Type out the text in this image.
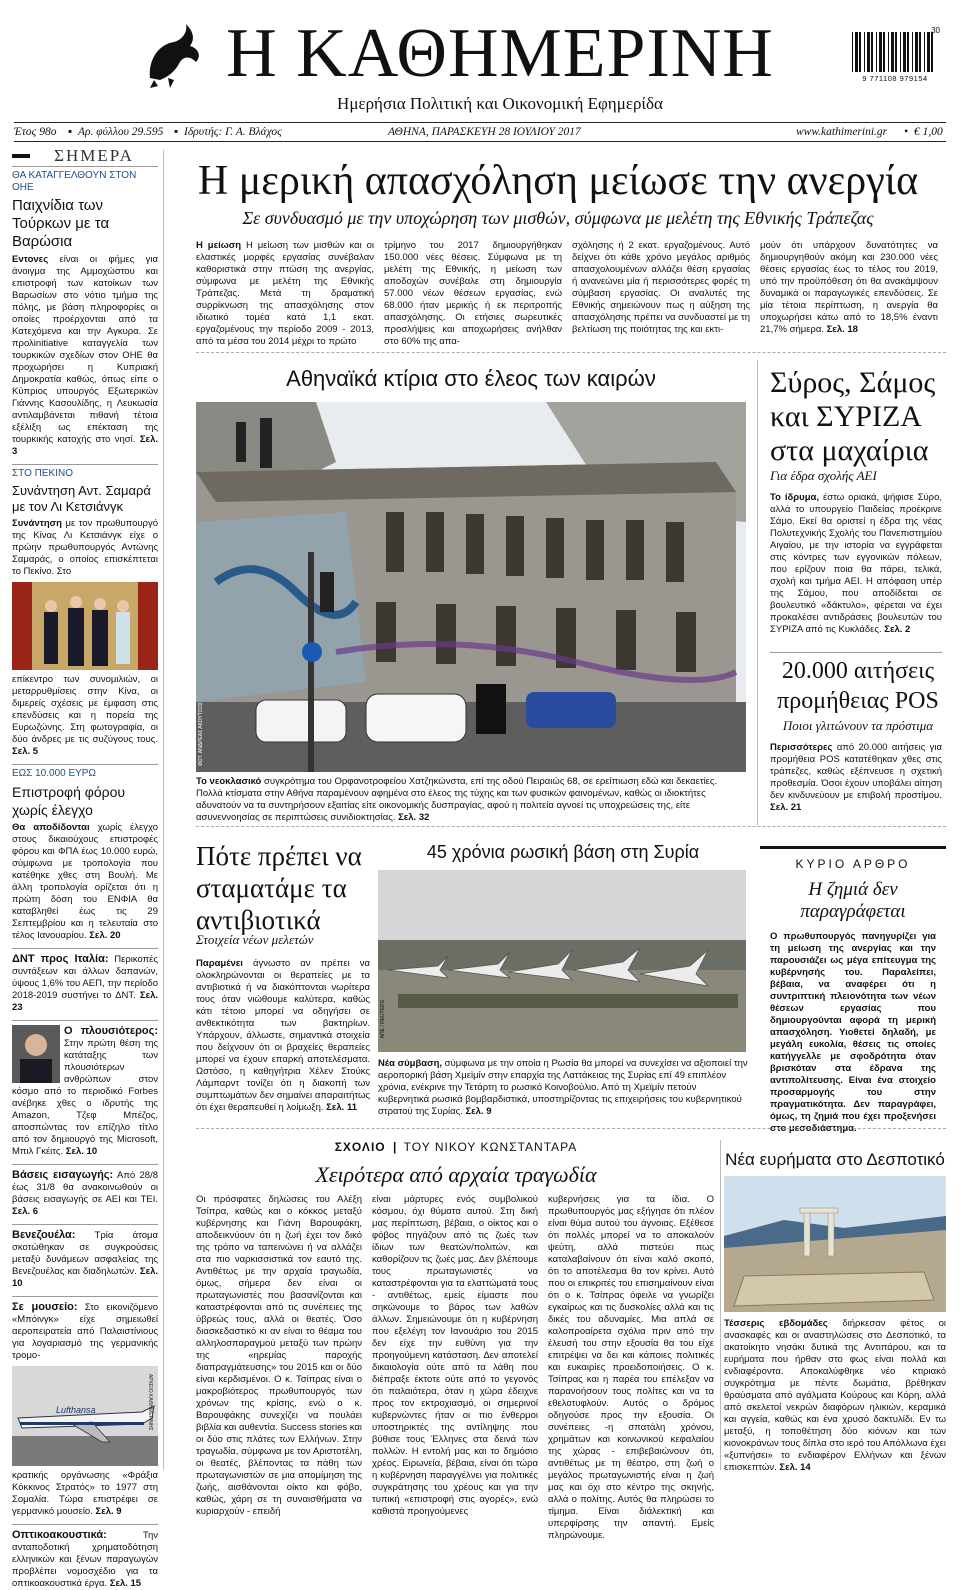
Η ΚΑΘΗΜΕΡΙΝΗ
Ημερήσια Πολιτική και Οικονομική Εφημερίδα
30
9 771108 979154
Έτος 98ο ▪ Αρ. φύλλου 29.595 ▪ Ιδρυτής: Γ. Α. Βλάχος	ΑΘΗΝΑ, ΠΑΡΑΣΚΕΥΗ 28 ΙΟΥΛΙΟΥ 2017	www.kathimerini.gr • € 1,00
ΣΗΜΕΡΑ
ΘΑ ΚΑΤΑΓΓΕΛΘΟΥΝ ΣΤΟΝ ΟΗΕ
Παιχνίδια των Τούρκων με τα Βαρώσια
Εντονες είναι οι φήμες για άνοιγμα της Αμμοχώστου και επιστροφή των κατοίκων των Βαρωσίων στο νότιο τμήμα της πόλης, με βάση πληροφορίες οι οποίες προέρχονται από τα Κατεχόμενα και την Αγκυρα. Σε προλinitiative καταγγελία των τουρκικών σχεδίων στον ΟΗΕ θα προχωρήσει η Κυπριακή Δημοκρατία καθώς, όπως είπε ο Κύπριος υπουργός Εξωτερικών Γιάννης Κασουλίδης, η Λευκωσία αντιλαμβάνεται πιθανή τέτοια εξέλιξη ως επέκταση της τουρκικής κατοχής στο νησί. Σελ. 3
ΣΤΟ ΠΕΚΙΝΟ
Συνάντηση Αντ. Σαμαρά με τον Λι Κετσιάνγκ
Συνάντηση με τον πρωθυπουργό της Κίνας Λι Κετσιάνγκ είχε ο πρώην πρωθυπουργός Αντώνης Σαμαράς, ο οποίος επισκέπτεται το Πεκίνο. Στο
επίκεντρο των συνομιλιών, οι μεταρρυθμίσεις στην Κίνα, οι διμερείς σχέσεις με έμφαση στις επενδύσεις και η πορεία της Ευρωζώνης. Στη φωτογραφία, οι δύο άνδρες με τις συζύγους τους. Σελ. 5
ΕΩΣ 10.000 ΕΥΡΩ
Επιστροφή φόρου χωρίς έλεγχο
Θα αποδίδονται χωρίς έλεγχο στους δικαιούχους επιστροφές φόρου και ΦΠΑ έως 10.000 ευρώ, σύμφωνα με τροπολογία που κατέθηκε χθες στη Βουλή. Με άλλη τροπολογία ορίζεται ότι η πρώτη δόση του ΕΝΦΙΑ θα καταβληθεί έως τις 29 Σεπτεμβρίου και η τελευταία στο τέλος Ιανουαρίου. Σελ. 20
ΔΝΤ προς Ιταλία: Περικοπές συντάξεων και άλλων δαπανών, ύψους 1,6% του ΑΕΠ, την περίοδο 2018-2019 συστήνει το ΔΝΤ. Σελ. 23
Ο πλουσιότερος: Στην πρώτη θέση της κατάταξης των πλουσιότερων ανθρώπων στον κόσμο από το περιοδικό Forbes ανέβηκε χθες ο ιδρυτής της Amazon, Τζεφ Μπέζος, αποσπώντας τον επίζηλο τίτλο από τον δημιουργό της Microsoft, Μπιλ Γκέιτς. Σελ. 10
Βάσεις εισαγωγής: Από 28/8 έως 31/8 θα ανακοινωθούν οι βάσεις εισαγωγής σε ΑΕΙ και ΤΕΙ. Σελ. 6
Βενεζουέλα: Τρία άτομα σκοτώθηκαν σε συγκρούσεις μεταξύ δυνάμεων ασφαλείας της Βενεζουέλας και διαδηλωτών. Σελ. 10
Σε μουσείο: Στο εικονιζόμενο «Μπόινγκ» είχε σημειωθεί αεροπειρατεία από Παλαιστίνιους για λογαριασμό της γερμανικής τρομο-
Lufthansa	ΑΡΧΕΙΟ ΚΑΘΗΜΕΡΙΝΗΣ
κρατικής οργάνωσης «Φράξια Κόκκινος Στρατός» το 1977 στη Σομαλία. Τώρα επιστρέφει σε γερμανικό μουσείο. Σελ. 9
Οπτικοακουστικά: Την ανταποδοτική χρηματοδότηση ελληνικών και ξένων παραγωγών προβλέπει νομοσχέδιο για τα οπτικοακουστικά έργα. Σελ. 15
Η μερική απασχόληση μείωσε την ανεργία
Σε συνδυασμό με την υποχώρηση των μισθών, σύμφωνα με μελέτη της Εθνικής Τράπεζας
Η μείωση Η μείωση των μισθών και οι ελαστικές μορφές εργασίας συνέβαλαν καθοριστικά στην πτώση της ανεργίας, σύμφωνα με μελέτη της Εθνικής Τράπεζας. Μετά τη δραματική συρρίκνωση της απασχόλησης στον ιδιωτικό τομέα κατά 1,1 εκατ. εργαζομένους την περίοδο 2009 - 2013, από τα μέσα του 2014 μέχρι το πρώτο
τρίμηνο του 2017 δημιουργήθηκαν 150.000 νέες θέσεις. Σύμφωνα με τη μελέτη της Εθνικής, η μείωση των αποδοχών συνέβαλε στη δημιουργία 57.000 νέων θέσεων εργασίας, ενώ 68.000 ήταν μερικής ή εκ περιτροπής απασχόλησης. Οι ετήσιες σωρευτικές προσλήψεις και αποχωρήσεις ανήλθαν στο 60% της απα-
σχόλησης ή 2 εκατ. εργαζομένους. Αυτό δείχνει ότι κάθε χρόνο μεγάλος αριθμός απασχολουμένων αλλάζει θέση εργασίας ή ανανεώνει μία ή περισσότερες φορές τη σύμβαση εργασίας. Οι αναλυτές της Εθνικής σημειώνουν πως η αύξηση της απασχόλησης πρέπει να συνδυαστεί με τη βελτίωση της ποιότητας της και εκτι-
μούν ότι υπάρχουν δυνατότητες να δημιουργηθούν ακόμη και 230.000 νέες θέσεις εργασίας έως το τέλος του 2019, υπό την προϋπόθεση ότι θα ανακάμψουν δυναμικά οι παραγωγικές επενδύσεις. Σε μία τέτοια περίπτωση, η ανεργία θα υποχωρήσει κάτω από το 18,5% έναντι 21,7% σήμερα. Σελ. 18
Αθηναϊκά κτίρια στο έλεος των καιρών
ΦΩΤ. ΑΝΔΡΕΑΣ ΑΚΟΥΤΣΟΣ
Το νεοκλασικό συγκρότημα του Ορφανοτροφείου Χατζηκώνστα, επί της οδού Πειραιώς 68, σε ερείπιωση εδώ και δεκαετίες. Πολλά κτίσματα στην Αθήνα παραμένουν αφημένα στο έλεος της τύχης και των φυσικών φαινομένων, καθώς οι ιδιοκτήτες αδυνατούν να τα συντηρήσουν εξαιτίας είτε οικονομικής δυσπραγίας, αφού η πολιτεία αγνοεί τις υποχρεώσεις της, είτε ασυνεννοησίας σε περιπτώσεις συνιδιοκτησίας. Σελ. 32
Σύρος, Σάμος και ΣΥΡΙΖΑ στα μαχαίρια
Για έδρα σχολής ΑΕΙ
Το ίδρυμα, έστω οριακά, ψήφισε Σύρο, αλλά το υπουργείο Παιδείας προέκρινε Σάμο. Εκεί θα οριστεί η έδρα της νέας Πολυτεχνικής Σχολής του Πανεπιστημίου Αιγαίου, με την ιστορία να εγγράφεται στις κόντρες των εγγονικών πόλεων, που ερίζουν ποια θα πάρει, τελικά, σχολή και τμήμα ΑΕΙ. Η απόφαση υπέρ της Σάμου, που αποδίδεται σε βουλευτικό «δάκτυλο», φέρεται να έχει προκαλέσει αντιδράσεις βουλευτών του ΣΥΡΙΖΑ από τις Κυκλάδες. Σελ. 2
20.000 αιτήσεις προμήθειας POS
Ποιοι γλιτώνουν τα πρόστιμα
Περισσότερες από 20.000 αιτήσεις για προμήθεια POS κατατέθηκαν χθες στις τράπεζες, καθώς εξέπνευσε η σχετική προθεσμία. Όσοι έχουν υποβάλει αίτηση δεν κινδυνεύουν με επιβολή προστίμου. Σελ. 21
Πότε πρέπει να σταματάμε τα αντιβιοτικά
Στοιχεία νέων μελετών
Παραμένει άγνωστο αν πρέπει να ολοκληρώνονται οι θεραπείες με τα αντιβιοτικά ή να διακόπτονται νωρίτερα τους όταν νιώθουμε καλύτερα, καθώς κάτι τέτοιο μπορεί να οδηγήσει σε ανθεκτικότητα των βακτηρίων. Υπάρχουν, άλλωστε, σημαντικά στοιχεία που δείχνουν ότι οι βραχείες θεραπείες μπορεί να έχουν επαρκή αποτελέσματα. Ωστόσο, η καθηγήτρια Χέλεν Στούκς Λάμπαρντ τονίζει ότι η διακοπή των συμπτωμάτων δεν σημαίνει απαραιτήτως ότι έχει θεραπευθεί η λοίμωξη. Σελ. 11
45 χρόνια ρωσική βάση στη Συρία
ΑΠΕ / REUTERS
Νέα σύμβαση, σύμφωνα με την οποία η Ρωσία θα μπορεί να συνεχίσει να αξιοποιεί την αεροπορική βάση Χμεϊμίν στην επαρχία της Λαττάκειας της Συρίας επί 49 επιπλέον χρόνια, ενέκρινε την Τετάρτη το ρωσικό Κοινοβούλιο. Από τη Χμεϊμίν πετούν κυβερνητικά ρωσικά βομβαρδιστικά, υποστηρίζοντας τις επιχειρήσεις του κυβερνητικού στρατού της Συρίας. Σελ. 9
ΚΥΡΙΟ ΑΡΘΡΟ
Η ζημιά δεν παραγράφεται
Ο πρωθυπουργός πανηγυρίζει για τη μείωση της ανεργίας και την παρουσιάζει ως μέγα επίτευγμα της κυβέρνησής του. Παραλείπει, βέβαια, να αναφέρει ότι η συντριπτική πλειονότητα των νέων θέσεων εργασίας που δημιουργούνται αφορά τη μερική απασχόληση. Υιοθετεί δηλαδή, με μεγάλη ευκολία, θέσεις τις οποίες κατήγγελλε με σφοδρότητα όταν βρισκόταν στα έδρανα της αντιπολίτευσης. Είναι ένα στοιχείο προσαρμογής του στην πραγματικότητα. Δεν παραγράφει, όμως, τη ζημιά που έχει προξενήσει στο μεσοδιάστημα.
ΣΧΟΛΙΟ | ΤΟΥ ΝΙΚΟΥ ΚΩΝΣΤΑΝΤΑΡΑ
Χειρότερα από αρχαία τραγωδία
Οι πρόσφατες δηλώσεις του Αλέξη Τσίπρα, καθώς και ο κόκκος μεταξύ κυβέρνησης και Γιάνη Βαρουφάκη, αποδεικνύουν ότι η ζωή έχει τον δικό της τρόπο να ταπεινώνει ή να αλλάζει στα πιο ναρκισσιστικά τον εαυτό της. Αντιθέτως με την αρχαία τραγωδία, όμως, σήμερα δεν είναι οι πρωταγωνιστές που βασανίζονται και καταστρέφονται από τις συνέπειες της ύβρεώς τους, αλλά οι θεατές. Όσο διασκεδαστικό κι αν είναι το θέαμα του αλληλοσπαραγμού μεταξύ των πρώην της «ηρεμίας παροχής διαπραγμάτευσης» του 2015 και οι δύο είναι κερδισμένοι. Ο κ. Τσίπρας είναι ο μακροβιότερος πρωθυπουργός των χρόνων της κρίσης, ενώ ο κ. Βαρουφάκης συνεχίζει να πουλάει βιβλία και αυθεντία. Success stories και οι δύο στις πλάτες των Ελλήνων. Στην τραγωδία, σύμφωνα με τον Αριστοτέλη, οι θεατές, βλέποντας τα πάθη των πρωταγωνιστών σε μια απομίμηση της ζωής, αισθάνονται οίκτο και φόβο, καθώς, χάρη σε τη συναισθήματα να κυριαρχούν - επειδή
είναι μάρτυρες ενός συμβολικού κόσμου, όχι θύματα αυτού. Στη δική μας περίπτωση, βέβαια, ο οίκτος και ο φόβος πηγάζουν από τις ζωές των ίδιων των θεατών/πολιτών, και καθορίζουν τις ζωές μας. Δεν βλέπουμε τους πρωταγωνιστές να καταστρέφονται για τα ελαττώματά τους - αντιθέτως, εμείς είμαστε που σηκώνουμε το βάρος των λαθών άλλων. Σημειώνουμε ότι η κυβέρνηση που εξελέγη τον Ιανουάριο του 2015 δεν είχε την ευθύνη για την προηγούμενη κατάσταση. Δεν αποτελεί δικαιολογία ούτε από τα λάθη που διέπραξε έκτοτε ούτε από το γεγονός ότι παλαιότερα, όταν η χώρα έδειχνε προς τον εκτροχιασμό, οι σημερινοί κυβερνώντες ήταν οι πιο ένθερμοι υποστηρικτές της αντίληψης που βύθισε τους Έλληνες στα δεινά των πολλών. Η εντολή μας και το δημόσιο χρέος. Ειρωνεία, βέβαια, είναι ότι τώρα η κυβέρνηση παραγγέλνει για πολιτικές συγκράτησης του χρέους και για την τυπική «επιστροφή στις αγορές», ενώ καθιστά προηγούμενες
κυβερνήσεις για τα ίδια. Ο πρωθυπουργός μας εξήγησε ότι πλέον είναι θύμα αυτού του άγνοιας. Εξέθεσε ότι πολλές μπορεί να το αποκαλούν ψεύτη, αλλά πιστεύει πως καταλαβαίνουν ότι είναι καλό σκοπό, ότι το αποτέλεσμα θα τον κρίνει. Αυτό που οι επικριτές του επισημαίνουν είναι ότι ο κ. Τσίπρας όφειλε να γνωρίζει εγκαίρως και τις δυσκολίες αλλά και τις δικές του αδυναμίες. Μια απλά σε καλοπροαίρετα σχόλια πριν από την έλευσή του στην εξουσία θα του είχε επιτρέψει να δει και κάποιες πολιτικές και ευκαιρίες προειδοποιήσεις. Ο κ. Τσίπρας και η παρέα του επέλεξαν να παρανοήσουν τους πολίτες και να τα εθελοτυφλούν. Αυτός ο δρόμος οδηγούσε προς την εξουσία. Οι συνέπειες -η σπατάλη χρόνου, χρημάτων και κοινωνικού κεφαλαίου της χώρας - επιβεβαιώνουν ότι, αντιθέτως με τη θέατρο, στη ζωή ο μεγάλος πρωταγωνιστής είναι η ζωή μας και όχι στο κέντρο της σκηνής, αλλά ο πολίτης. Αυτός θα πληρώσει το τίμημα. Είναι διάλεκτική και υπερφίρσης την απαντή. Εμείς πληρώνουμε.
Νέα ευρήματα στο Δεσποτικό
Τέσσερις εβδομάδες διήρκεσαν φέτος οι ανασκαφές και οι αναστηλώσεις στο Δεσποτικό, τα ακατοίκητο νησάκι δυτικά της Αντιπάρου, και τα ευρήματα που ήρθαν στο φως είναι πολλά και ενδιαφέροντα. Αποκαλύφθηκε νέο κτιριακό συγκρότημα με πέντε δωμάτια, βρέθηκαν θραύσματα από αγάλματα Κούρους και Κόρη, αλλά από σκελετοί νεκρών διαφόρων ηλικιών, κεραμικά και αγγεία, καθώς και ένα χρυσό δακτυλίδι. Εν τω μεταξύ, η τοποθέτηση δύο κιόνων και των κιονοκράνων τους δίπλα στο ιερό του Απόλλωνα έχει «ξυπνήσει» το ενδιαφέρον Ελλήνων και ξένων επισκεπτών. Σελ. 14
